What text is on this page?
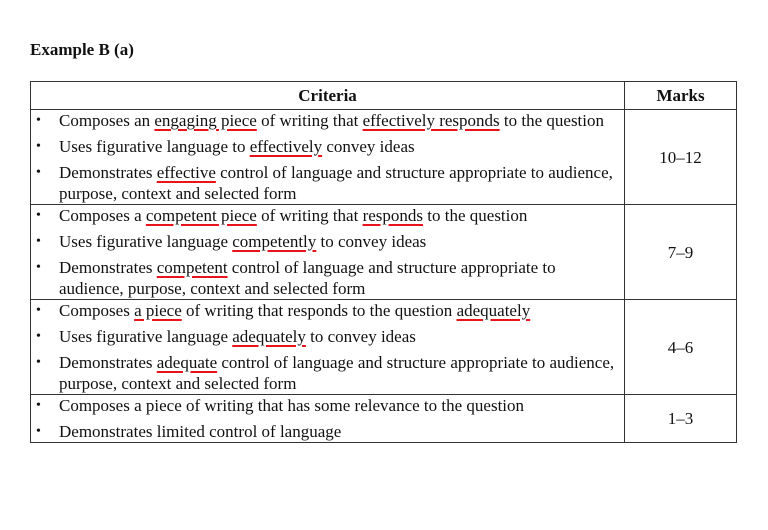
Example B (a)
Criteria	Marks

• Composes an engaging piece of writing that effectively responds to the question
• Uses figurative language to effectively convey ideas
• Demonstrates effective control of language and structure appropriate to audience, purpose, context and selected form
	10–12

• Composes a competent piece of writing that responds to the question
• Uses figurative language competently to convey ideas
• Demonstrates competent control of language and structure appropriate to audience, purpose, context and selected form
	7–9

• Composes a piece of writing that responds to the question adequately
• Uses figurative language adequately to convey ideas
• Demonstrates adequate control of language and structure appropriate to audience, purpose, context and selected form
	4–6

• Composes a piece of writing that has some relevance to the question
• Demonstrates limited control of language
	1–3
